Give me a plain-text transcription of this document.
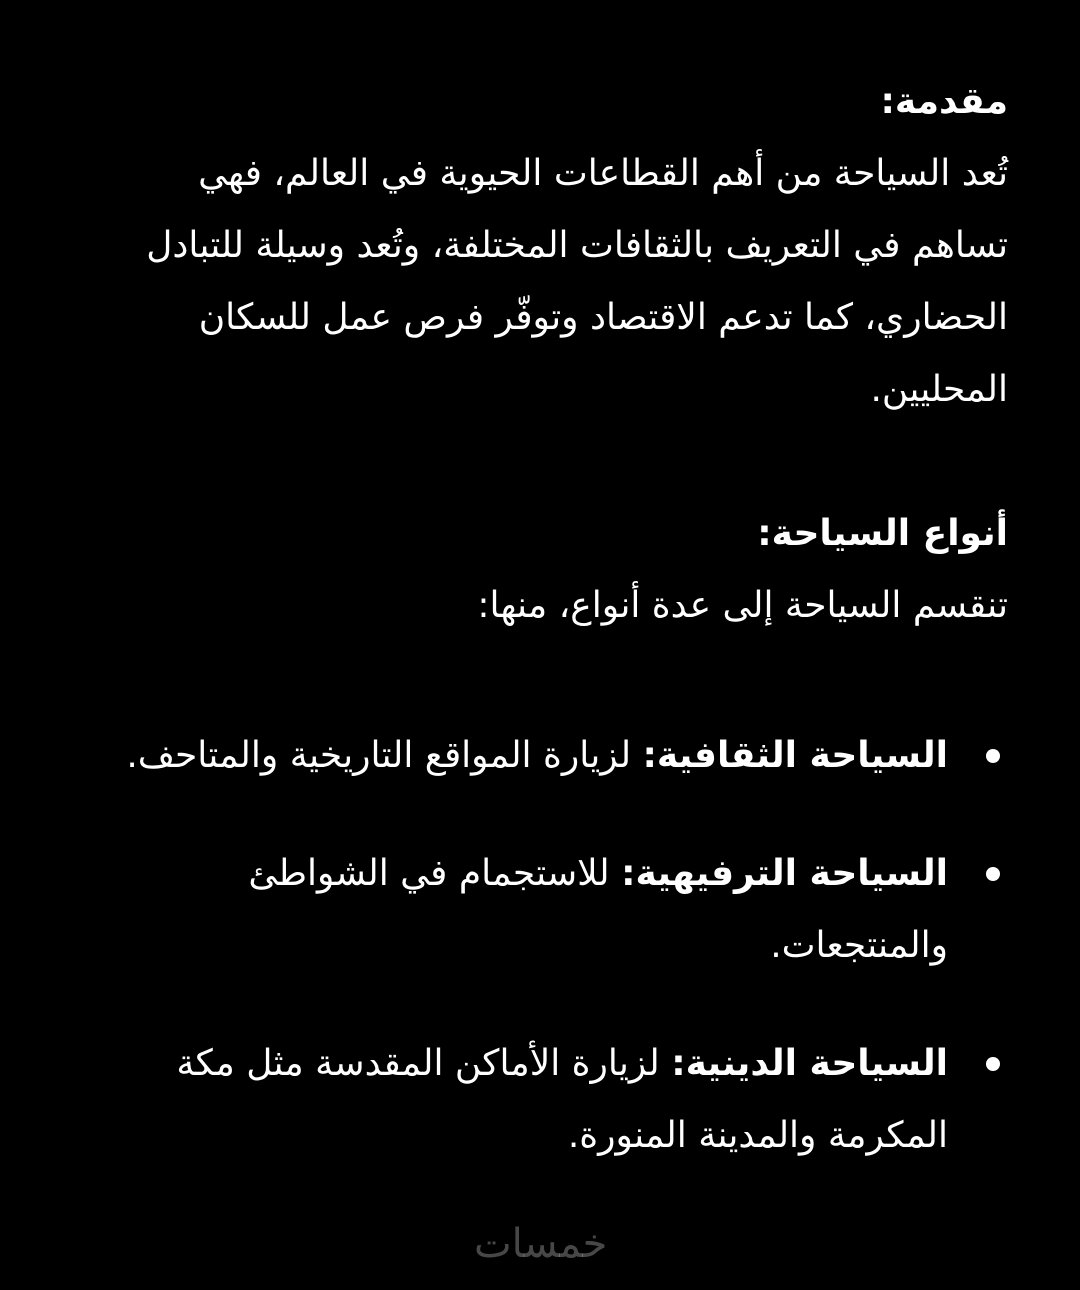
مقدمة:

تُعد السياحة من أهم القطاعات الحيوية في العالم، فهي تساهم في التعريف بالثقافات المختلفة، وتُعد وسيلة للتبادل الحضاري، كما تدعم الاقتصاد وتوفّر فرص عمل للسكان المحليين.

أنواع السياحة:

تنقسم السياحة إلى عدة أنواع، منها:

السياحة الثقافية: لزيارة المواقع التاريخية والمتاحف.
السياحة الترفيهية: للاستجمام في الشواطئ والمنتجعات.
السياحة الدينية: لزيارة الأماكن المقدسة مثل مكة المكرمة والمدينة المنورة.
خمسات
